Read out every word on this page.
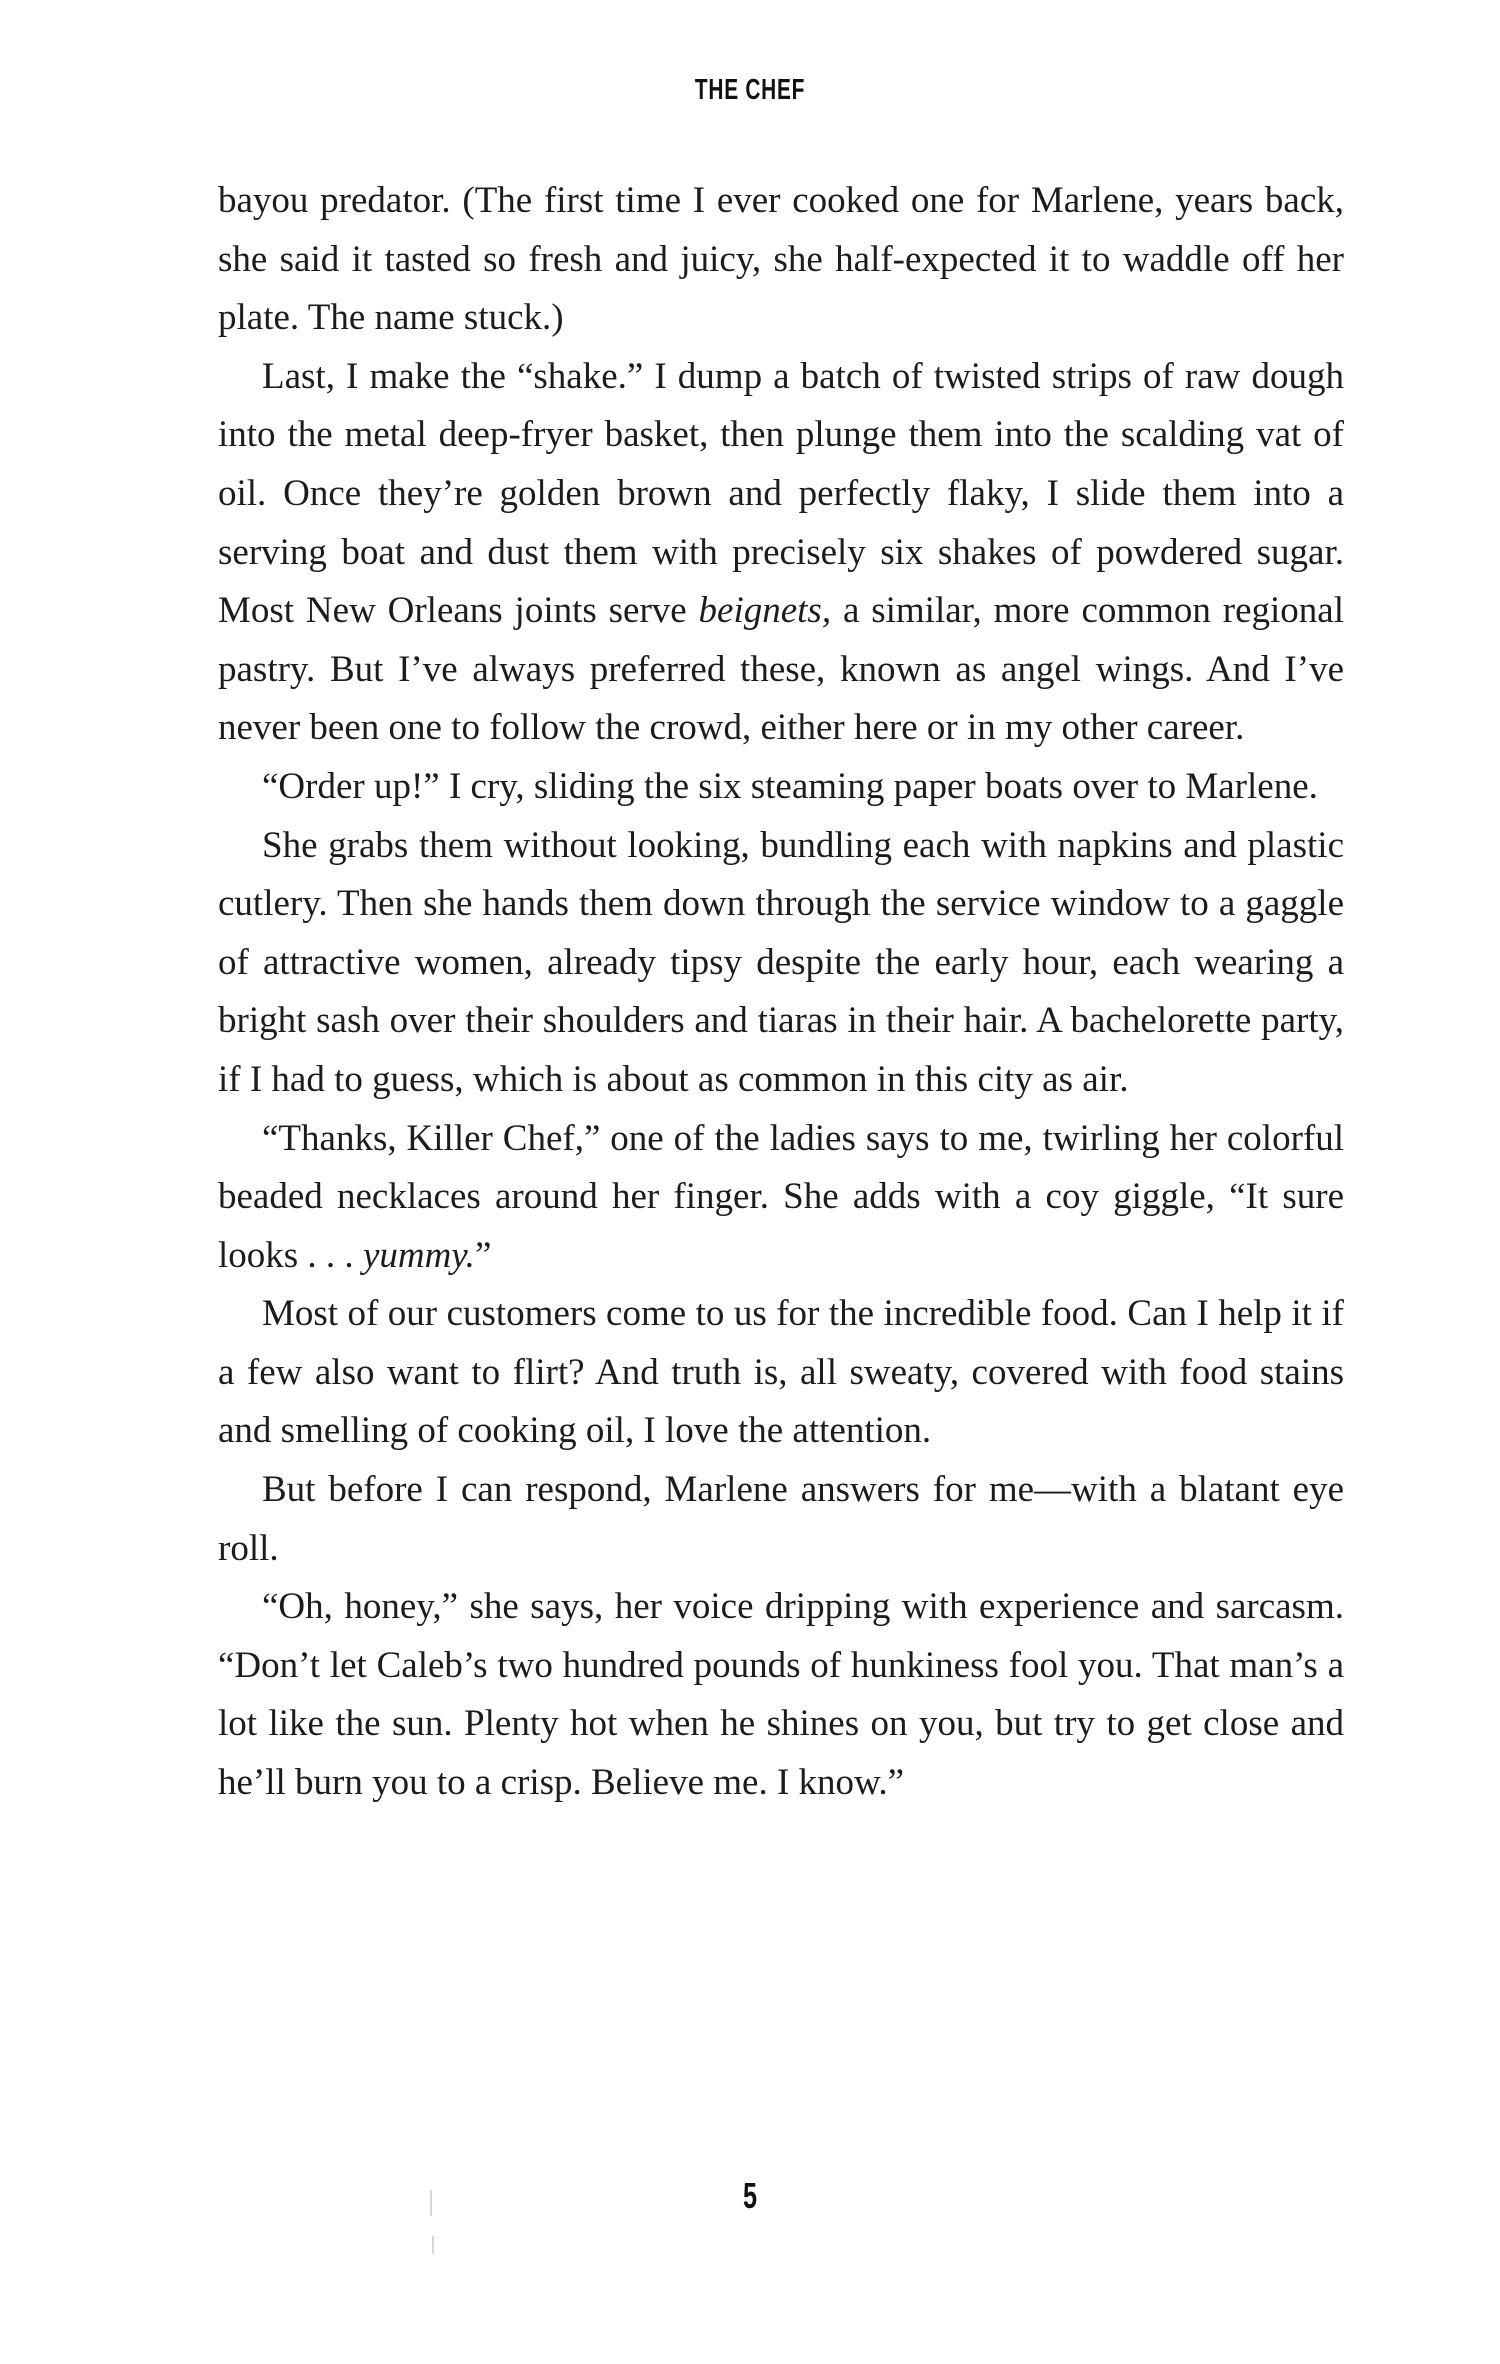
THE CHEF

bayou predator. (The first time I ever cooked one for Marlene, years back, she said it tasted so fresh and juicy, she half-expected it to waddle off her plate. The name stuck.)

Last, I make the “shake.” I dump a batch of twisted strips of raw dough into the metal deep-fryer basket, then plunge them into the scalding vat of oil. Once they’re golden brown and perfectly flaky, I slide them into a serving boat and dust them with precisely six shakes of powdered sugar. Most New Orleans joints serve beignets, a similar, more common regional pastry. But I’ve always preferred these, known as angel wings. And I’ve never been one to follow the crowd, either here or in my other career.

“Order up!” I cry, sliding the six steaming paper boats over to Marlene.

She grabs them without looking, bundling each with napkins and plastic cutlery. Then she hands them down through the service window to a gaggle of attractive women, already tipsy despite the early hour, each wearing a bright sash over their shoulders and tiaras in their hair. A bachelorette party, if I had to guess, which is about as common in this city as air.

“Thanks, Killer Chef,” one of the ladies says to me, twirling her colorful beaded necklaces around her finger. She adds with a coy giggle, “It sure looks . . . yummy.”

Most of our customers come to us for the incredible food. Can I help it if a few also want to flirt? And truth is, all sweaty, covered with food stains and smelling of cooking oil, I love the attention.

But before I can respond, Marlene answers for me—with a blatant eye roll.

“Oh, honey,” she says, her voice dripping with experience and sarcasm. “Don’t let Caleb’s two hundred pounds of hunkiness fool you. That man’s a lot like the sun. Plenty hot when he shines on you, but try to get close and he’ll burn you to a crisp. Believe me. I know.”

5
